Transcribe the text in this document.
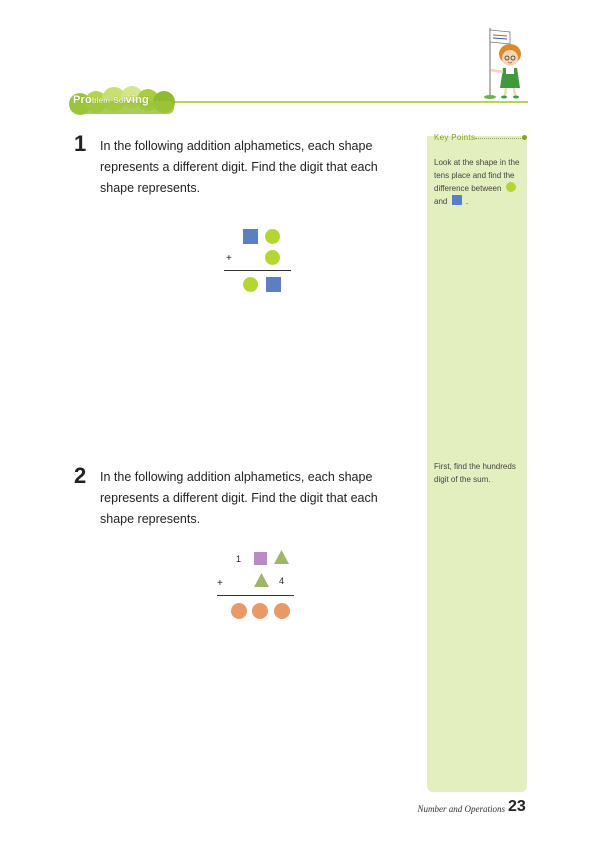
Problem Solving
Key Points
Look at the shape in the tens place and find the difference between  and .
First, find the hundreds digit of the sum.
1 In the following addition alphametics, each shape represents a different digit. Find the digit that each shape represents.
+
2 In the following addition alphametics, each shape represents a different digit. Find the digit that each shape represents.
1
+	4
Number and Operations 23
